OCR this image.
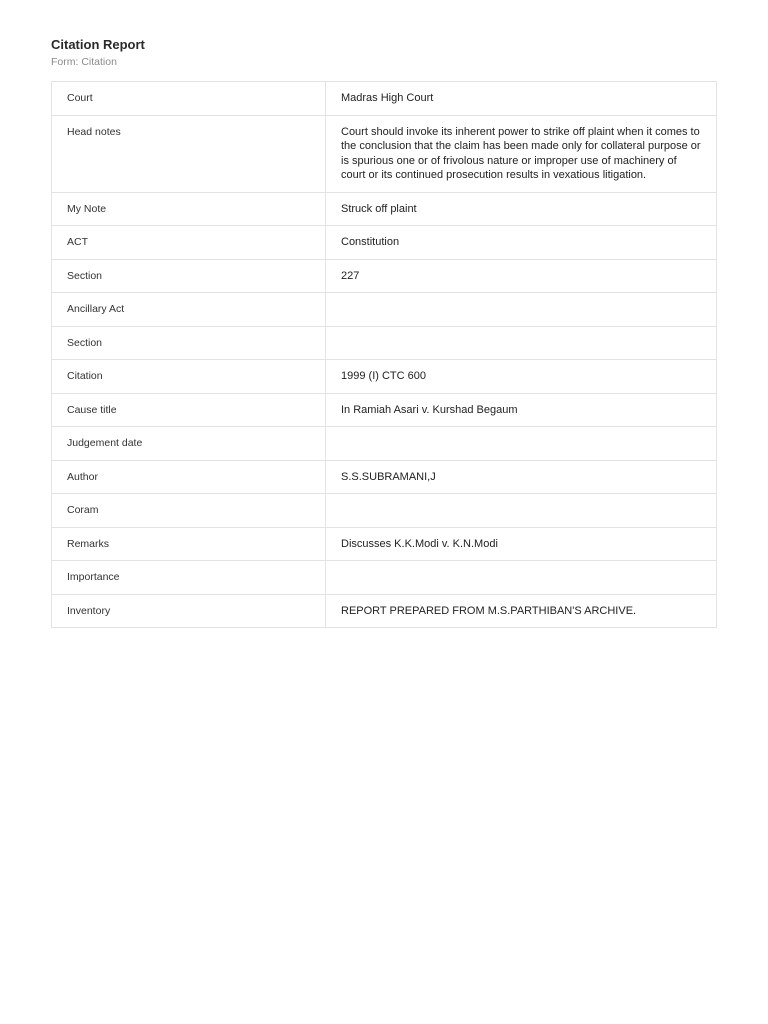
Citation Report

Form: Citation

Court	Madras High Court
Head notes	Court should invoke its inherent power to strike off plaint when it comes to the conclusion that the claim has been made only for collateral purpose or is spurious one or of frivolous nature or improper use of machinery of court or its continued prosecution results in vexatious litigation.
My Note	Struck off plaint
ACT	Constitution
Section	227
Ancillary Act	
Section	
Citation	1999 (I) CTC 600
Cause title	In Ramiah Asari v. Kurshad Begaum
Judgement date	
Author	S.S.SUBRAMANI,J
Coram	
Remarks	Discusses K.K.Modi v. K.N.Modi
Importance	
Inventory	REPORT PREPARED FROM M.S.PARTHIBAN'S ARCHIVE.
